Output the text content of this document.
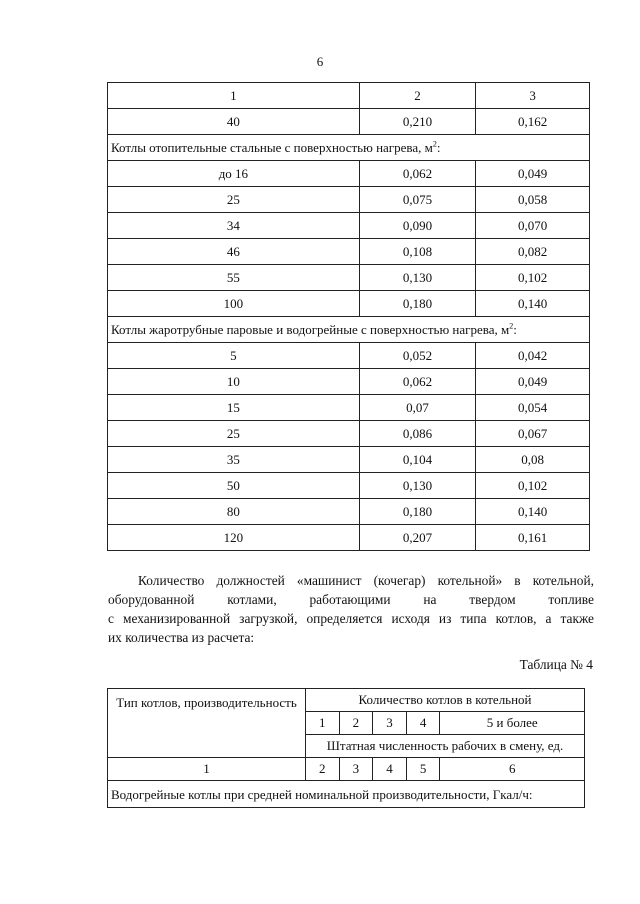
6
1	2	3
40	0,210	0,162
Котлы отопительные стальные с поверхностью нагрева, $м^2$:		
до 16	0,062	0,049
25	0,075	0,058
34	0,090	0,070
46	0,108	0,082
55	0,130	0,102
100	0,180	0,140
Котлы жаротрубные паровые и водогрейные с поверхностью нагрева, $м^2$:		
5	0,052	0,042
10	0,062	0,049
15	0,07	0,054
25	0,086	0,067
35	0,104	0,08
50	0,130	0,102
80	0,180	0,140
120	0,207	0,161
Количество должностей «машинист (кочегар) котельной» в котельной,
оборудованной котлами, работающими на твердом топливе
с механизированной загрузкой, определяется исходя из типа котлов, а также
их количества из расчета:
Таблица № 4
Тип котлов, производительность	Количество котлов в котельной				
	1	2	3	4	5 и более
	Штатная численность рабочих в смену, ед.				
1	2	3	4	5	6
Водогрейные котлы при средней номинальной производительности, Гкал/ч:					
